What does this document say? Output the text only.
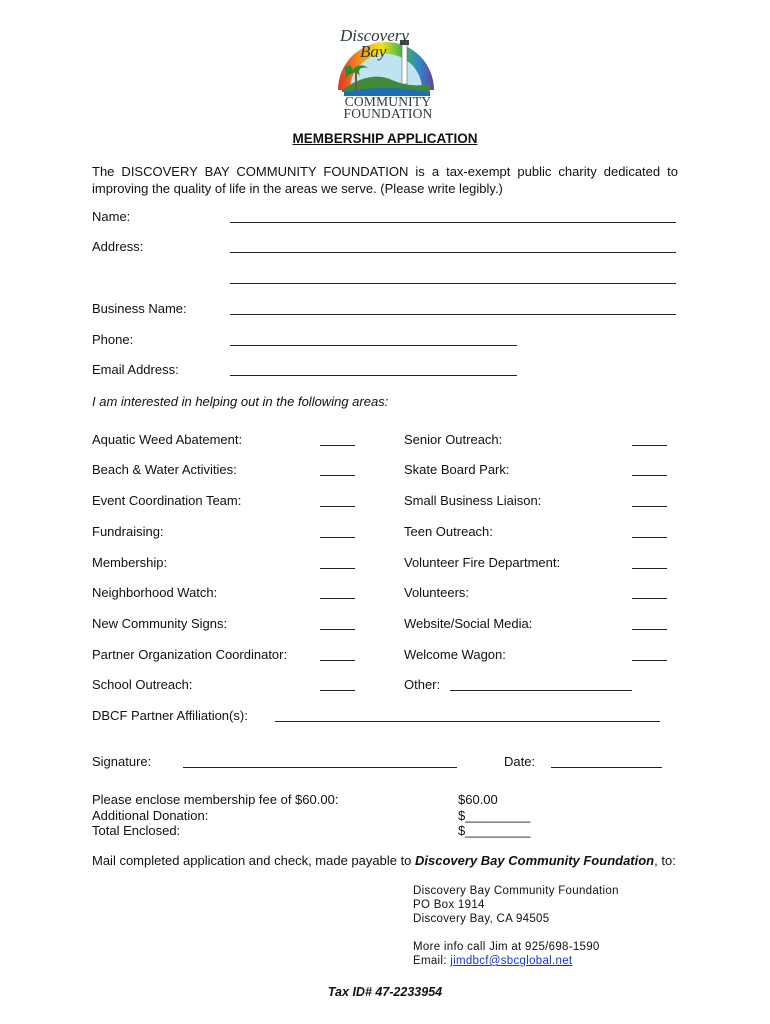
Discovery
Bay
COMMUNITY
FOUNDATION
MEMBERSHIP APPLICATION
The DISCOVERY BAY COMMUNITY FOUNDATION is a tax-exempt public charity dedicated to improving the quality of life in the areas we serve. (Please write legibly.)
Name:
Address:
Business Name:
Phone:
Email Address:
I am interested in helping out in the following areas:
Aquatic Weed Abatement:
Beach & Water Activities:
Event Coordination Team:
Fundraising:
Membership:
Neighborhood Watch:
New Community Signs:
Partner Organization Coordinator:
School Outreach:
Senior Outreach:
Skate Board Park:
Small Business Liaison:
Teen Outreach:
Volunteer Fire Department:
Volunteers:
Website/Social Media:
Welcome Wagon:
Other:
DBCF Partner Affiliation(s):
Signature:	Date:
Please enclose membership fee of $60.00:
Additional Donation:
Total Enclosed:
$60.00
$_________
$_________
Mail completed application and check, made payable to Discovery Bay Community Foundation, to:
Discovery Bay Community Foundation
PO Box 1914
Discovery Bay, CA 94505
More info call Jim at 925/698-1590
Email: jimdbcf@sbcglobal.net
Tax ID# 47-2233954
